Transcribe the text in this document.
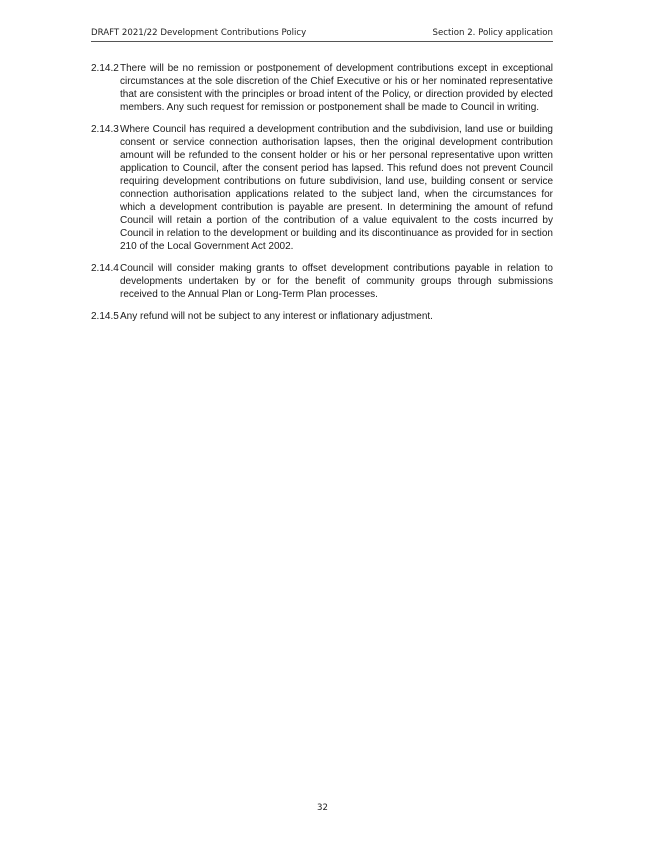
DRAFT 2021/22 Development Contributions Policy	Section 2. Policy application
2.14.2 There will be no remission or postponement of development contributions except in exceptional circumstances at the sole discretion of the Chief Executive or his or her nominated representative that are consistent with the principles or broad intent of the Policy, or direction provided by elected members. Any such request for remission or postponement shall be made to Council in writing.
2.14.3 Where Council has required a development contribution and the subdivision, land use or building consent or service connection authorisation lapses, then the original development contribution amount will be refunded to the consent holder or his or her personal representative upon written application to Council, after the consent period has lapsed. This refund does not prevent Council requiring development contributions on future subdivision, land use, building consent or service connection authorisation applications related to the subject land, when the circumstances for which a development contribution is payable are present. In determining the amount of refund Council will retain a portion of the contribution of a value equivalent to the costs incurred by Council in relation to the development or building and its discontinuance as provided for in section 210 of the Local Government Act 2002.
2.14.4 Council will consider making grants to offset development contributions payable in relation to developments undertaken by or for the benefit of community groups through submissions received to the Annual Plan or Long-Term Plan processes.
2.14.5 Any refund will not be subject to any interest or inflationary adjustment.
32
